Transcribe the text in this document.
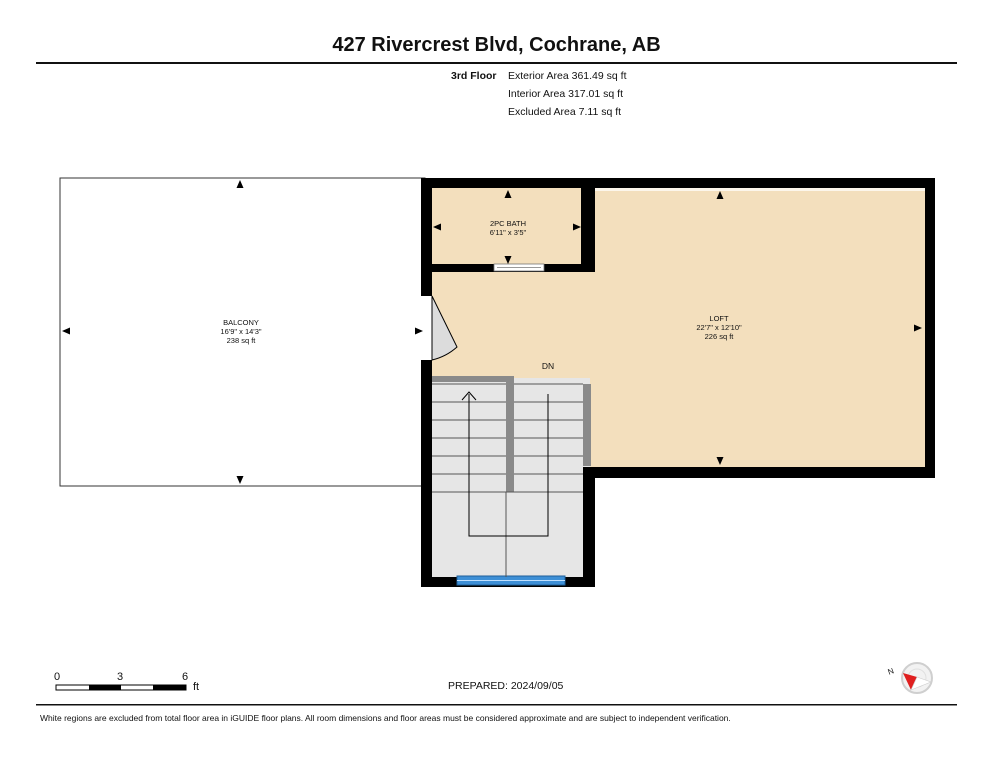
427 Rivercrest Blvd, Cochrane, AB
3rd Floor Exterior Area 361.49 sq ft
Interior Area 317.01 sq ft
Excluded Area 7.11 sq ft
BALCONY
16'9" x 14'3"
238 sq ft
2PC BATH
6'11" x 3'5"
LOFT
22'7" x 12'10"
226 sq ft
DN
0	3	6
ft
N
PREPARED: 2024/09/05
White regions are excluded from total floor area in iGUIDE floor plans. All room dimensions and floor areas must be considered approximate and are subject to independent verification.
